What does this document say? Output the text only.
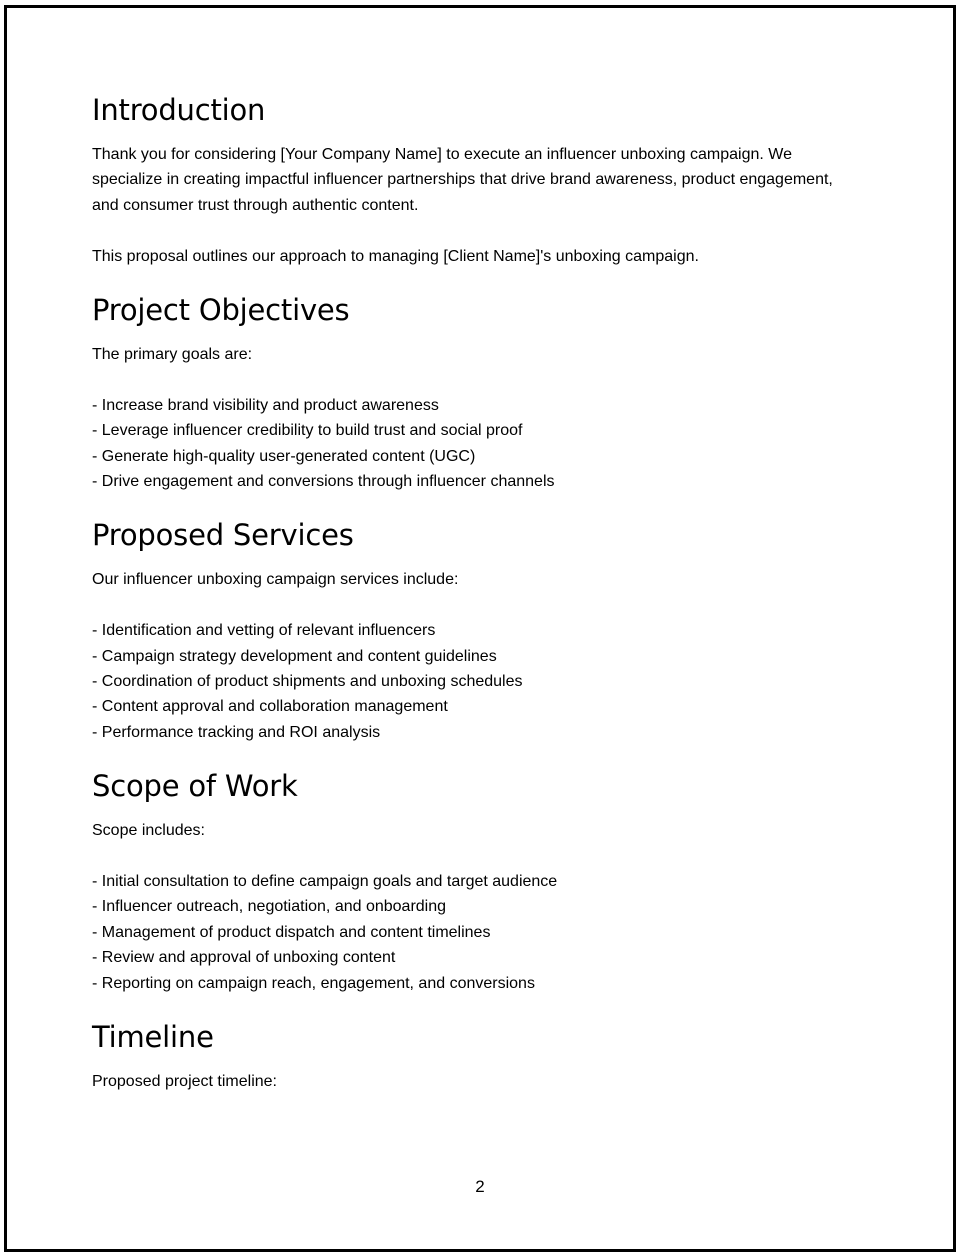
Introduction

Thank you for considering [Your Company Name] to execute an influencer unboxing campaign. We specialize in creating impactful influencer partnerships that drive brand awareness, product engagement, and consumer trust through authentic content.

This proposal outlines our approach to managing [Client Name]'s unboxing campaign.

Project Objectives

The primary goals are:

- Increase brand visibility and product awareness
- Leverage influencer credibility to build trust and social proof
- Generate high-quality user-generated content (UGC)
- Drive engagement and conversions through influencer channels
Proposed Services

Our influencer unboxing campaign services include:

- Identification and vetting of relevant influencers
- Campaign strategy development and content guidelines
- Coordination of product shipments and unboxing schedules
- Content approval and collaboration management
- Performance tracking and ROI analysis
Scope of Work

Scope includes:

- Initial consultation to define campaign goals and target audience
- Influencer outreach, negotiation, and onboarding
- Management of product dispatch and content timelines
- Review and approval of unboxing content
- Reporting on campaign reach, engagement, and conversions
Timeline

Proposed project timeline:

2
